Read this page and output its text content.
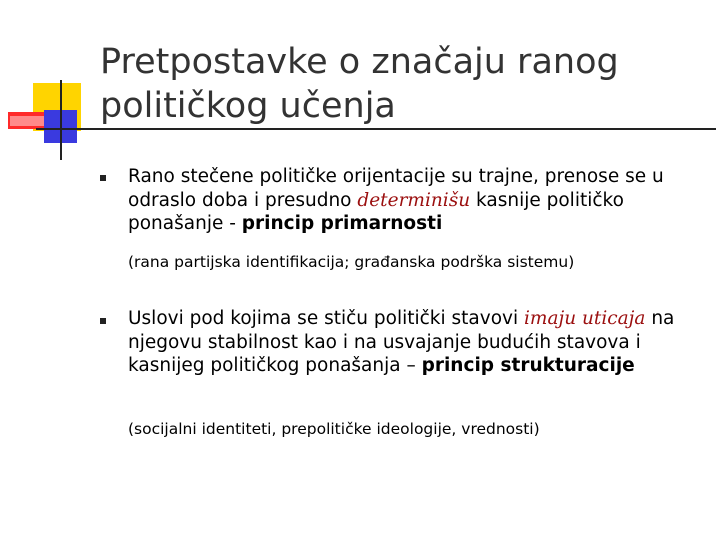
Pretpostavke o značaju ranog
političkog učenja
Rano stečene političke orijentacije su trajne, prenose se u odraslo doba i presudno determinišu kasnije političko ponašanje - princip primarnosti
(rana partijska identifikacija; građanska podrška sistemu)
Uslovi pod kojima se stiču politički stavovi imaju uticaja na njegovu stabilnost kao i na usvajanje budućih stavova i kasnijeg političkog ponašanja – princip strukturacije
(socijalni identiteti, prepolitičke ideologije, vrednosti)
